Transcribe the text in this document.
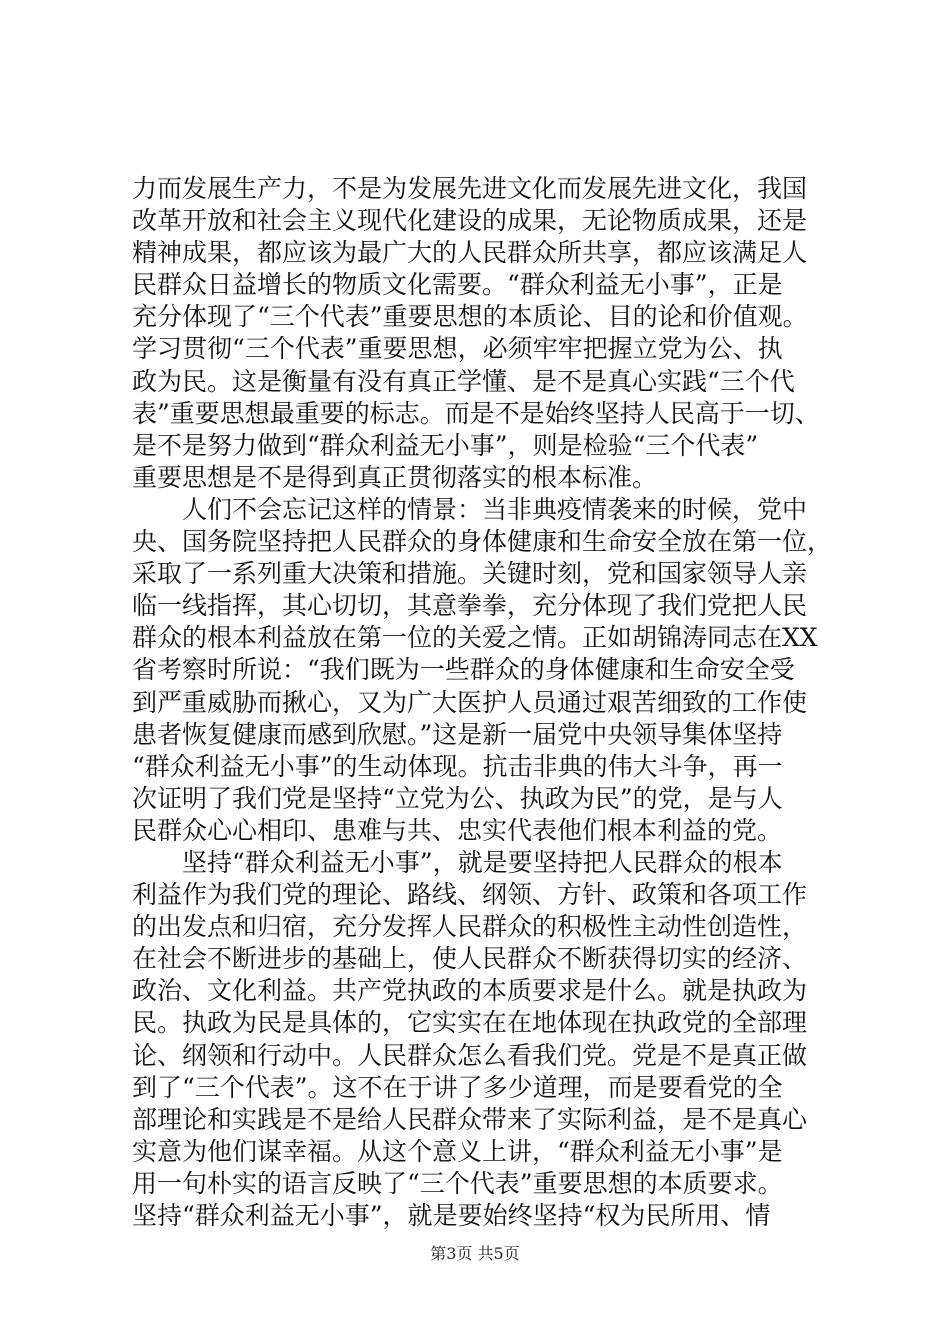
力而发展生产力，不是为发展先进文化而发展先进文化，我国
改革开放和社会主义现代化建设的成果，无论物质成果，还是
精神成果，都应该为最广大的人民群众所共享，都应该满足人
民群众日益增长的物质文化需要。“群众利益无小事”，正是
充分体现了“三个代表”重要思想的本质论、目的论和价值观。
学习贯彻“三个代表”重要思想，必须牢牢把握立党为公、执
政为民。这是衡量有没有真正学懂、是不是真心实践“三个代
表”重要思想最重要的标志。而是不是始终坚持人民高于一切、
是不是努力做到“群众利益无小事”，则是检验“三个代表”
重要思想是不是得到真正贯彻落实的根本标准。
　　人们不会忘记这样的情景：当非典疫情袭来的时候，党中
央、国务院坚持把人民群众的身体健康和生命安全放在第一位，
采取了一系列重大决策和措施。关键时刻，党和国家领导人亲
临一线指挥，其心切切，其意拳拳，充分体现了我们党把人民
群众的根本利益放在第一位的关爱之情。正如胡锦涛同志在XX
省考察时所说：“我们既为一些群众的身体健康和生命安全受
到严重威胁而揪心，又为广大医护人员通过艰苦细致的工作使
患者恢复健康而感到欣慰。”这是新一届党中央领导集体坚持
“群众利益无小事”的生动体现。抗击非典的伟大斗争，再一
次证明了我们党是坚持“立党为公、执政为民”的党，是与人
民群众心心相印、患难与共、忠实代表他们根本利益的党。
　　坚持“群众利益无小事”，就是要坚持把人民群众的根本
利益作为我们党的理论、路线、纲领、方针、政策和各项工作
的出发点和归宿，充分发挥人民群众的积极性主动性创造性，
在社会不断进步的基础上，使人民群众不断获得切实的经济、
政治、文化利益。共产党执政的本质要求是什么。就是执政为
民。执政为民是具体的，它实实在在地体现在执政党的全部理
论、纲领和行动中。人民群众怎么看我们党。党是不是真正做
到了“三个代表”。这不在于讲了多少道理，而是要看党的全
部理论和实践是不是给人民群众带来了实际利益，是不是真心
实意为他们谋幸福。从这个意义上讲，“群众利益无小事”是
用一句朴实的语言反映了“三个代表”重要思想的本质要求。
坚持“群众利益无小事”，就是要始终坚持“权为民所用、情
第3页 共5页
